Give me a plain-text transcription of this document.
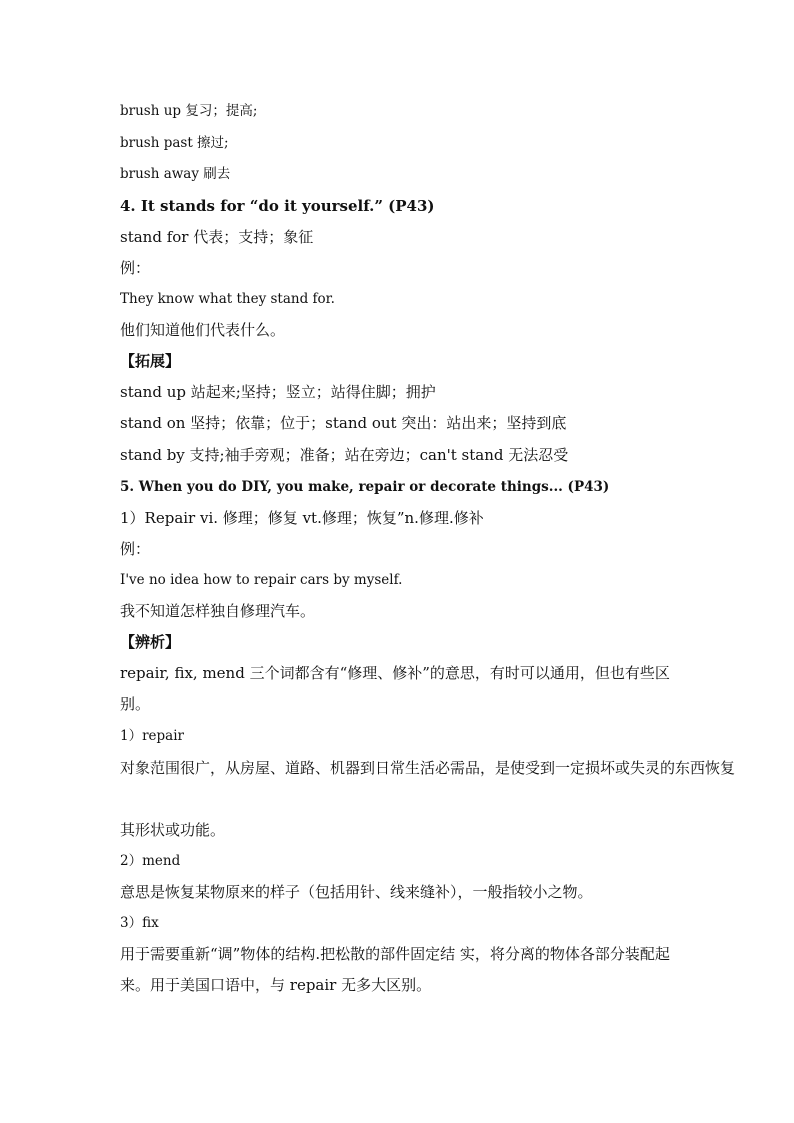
brush up 复习；提高;
brush past 擦过;
brush away 刷去
4. It stands for “do it yourself.” (P43)
stand for 代表；支持；象征
例：
They know what they stand for.
他们知道他们代表什么。
【拓展】
stand up 站起来;坚持；竖立；站得住脚；拥护
stand on 坚持；依靠；位于；stand out 突出：站出来；坚持到底
stand by 支持;袖手旁观；准备；站在旁边；can't stand 无法忍受
5. When you do DIY, you make, repair or decorate things... (P43)
1）Repair vi. 修理；修复 vt.修理；恢复”n.修理.修补
例：
I've no idea how to repair cars by myself.
我不知道怎样独自修理汽车。
【辨析】
repair, fix, mend 三个词都含有“修理、修补”的意思，有时可以通用，但也有些区别。
1）repair
对象范围很广，从房屋、道路、机器到日常生活必需品，是使受到一定损坏或失灵的东西恢复
其形状或功能。
2）mend
意思是恢复某物原来的样子（包括用针、线来缝补），一般指较小之物。
3）fix
用于需要重新“调”物体的结构.把松散的部件固定结 实，将分离的物体各部分装配起来。用于美国口语中，与 repair 无多大区别。
